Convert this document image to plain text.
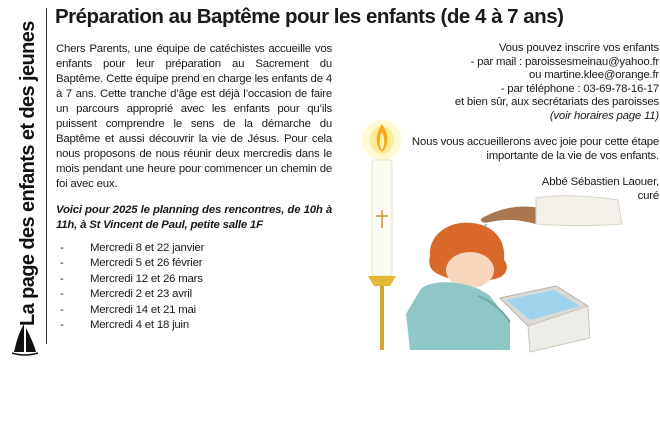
La page des enfants et des jeunes
Préparation au Baptême pour les enfants (de 4 à 7 ans)

Chers Parents, une équipe de catéchistes accueille vos enfants pour leur préparation au Sacrement du Baptême. Cette équipe prend en charge les enfants de 4 à 7 ans. Cette tranche d’âge est déjà l’occasion de faire un parcours approprié avec les enfants pour qu’ils puissent comprendre le sens de la démarche du Baptême et aussi découvrir la vie de Jésus. Pour cela nous proposons de nous réunir deux mercredis dans le mois pendant une heure pour commencer un chemin de foi avec eux.

Voici pour 2025 le planning des rencontres, de 10h à 11h, à St Vincent de Paul, petite salle 1F

-	Mercredi 8 et 22 janvier
-	Mercredi 5 et 26 février
-	Mercredi 12 et 26 mars
-	Mercredi 2 et 23 avril
-	Mercredi 14 et 21 mai
-	Mercredi 4 et 18 juin

Vous pouvez inscrire vos enfants

- par mail : paroissesmeinau@yahoo.fr

ou martine.klee@orange.fr

- par téléphone : 03-69-78-16-17

et bien sûr, aux secrétariats des paroisses

(voir horaires page 11)

Nous vous accueillerons avec joie pour cette étape importante de la vie de vos enfants.

Abbé Sébastien Laouer,

curé
